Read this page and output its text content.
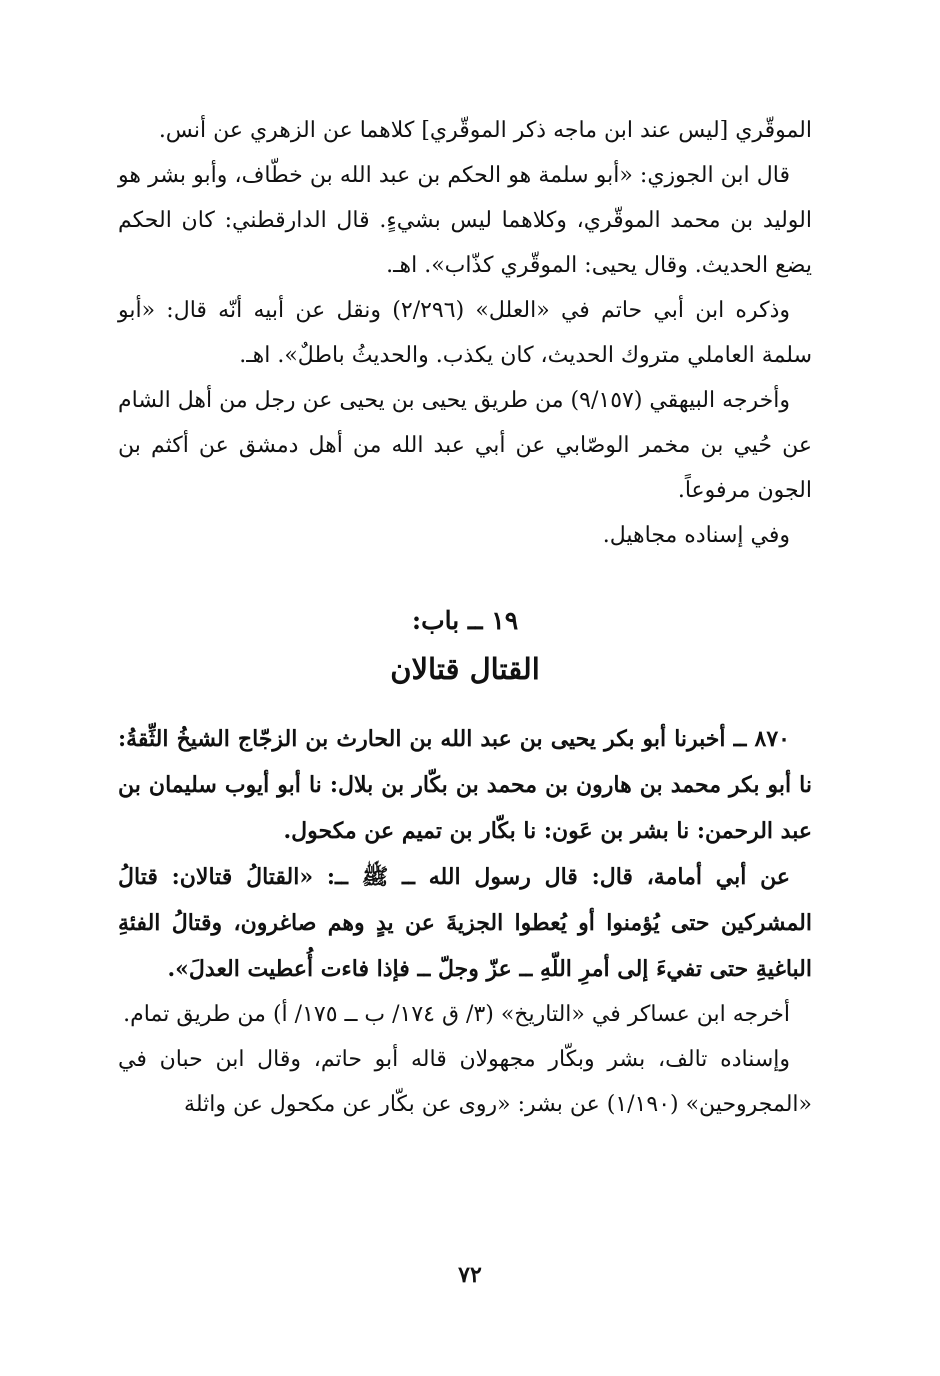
الموقّري [ليس عند ابن ماجه ذكر الموقّري] كلاهما عن الزهري عن أنس.

قال ابن الجوزي: «أبو سلمة هو الحكم بن عبد الله بن خطّاف، وأبو بشر هو الوليد بن محمد الموقّري، وكلاهما ليس بشيءٍ. قال الدارقطني: كان الحكم يضع الحديث. وقال يحيى: الموقّري كذّاب». اهـ.

وذكره ابن أبي حاتم في «العلل» (٢/٢٩٦) ونقل عن أبيه أنّه قال: «أبو سلمة العاملي متروك الحديث، كان يكذب. والحديثُ باطلٌ». اهـ.

وأخرجه البيهقي (٩/١٥٧) من طريق يحيى بن يحيى عن رجل من أهل الشام عن حُيي بن مخمر الوصّابي عن أبي عبد الله من أهل دمشق عن أكثم بن الجون مرفوعاً.

وفي إسناده مجاهيل.

١٩ ــ باب:

القتال قتالان

٨٧٠ ــ أخبرنا أبو بكر يحيى بن عبد الله بن الحارث بن الزجّاج الشيخُ الثِّقةُ: نا أبو بكر محمد بن هارون بن محمد بن بكّار بن بلال: نا أبو أيوب سليمان بن عبد الرحمن: نا بشر بن عَون: نا بكّار بن تميم عن مكحول.

عن أبي أمامة، قال: قال رسول الله ــ ﷺ ــ: «القتالُ قتالان: قتالُ المشركين حتى يُؤمنوا أو يُعطوا الجزيةَ عن يدٍ وهم صاغرون، وقتالُ الفئةِ الباغيةِ حتى تفيءَ إلى أمرِ اللّهِ ــ عزّ وجلّ ــ فإذا فاءت أُعطيت العدلَ».

أخرجه ابن عساكر في «التاريخ» (٣/ ق ١٧٤/ ب ــ ١٧٥/ أ) من طريق تمام.

وإسناده تالف، بشر وبكّار مجهولان قاله أبو حاتم، وقال ابن حبان في «المجروحين» (١/١٩٠) عن بشر: «روى عن بكّار عن مكحول عن واثلة

٧٢
